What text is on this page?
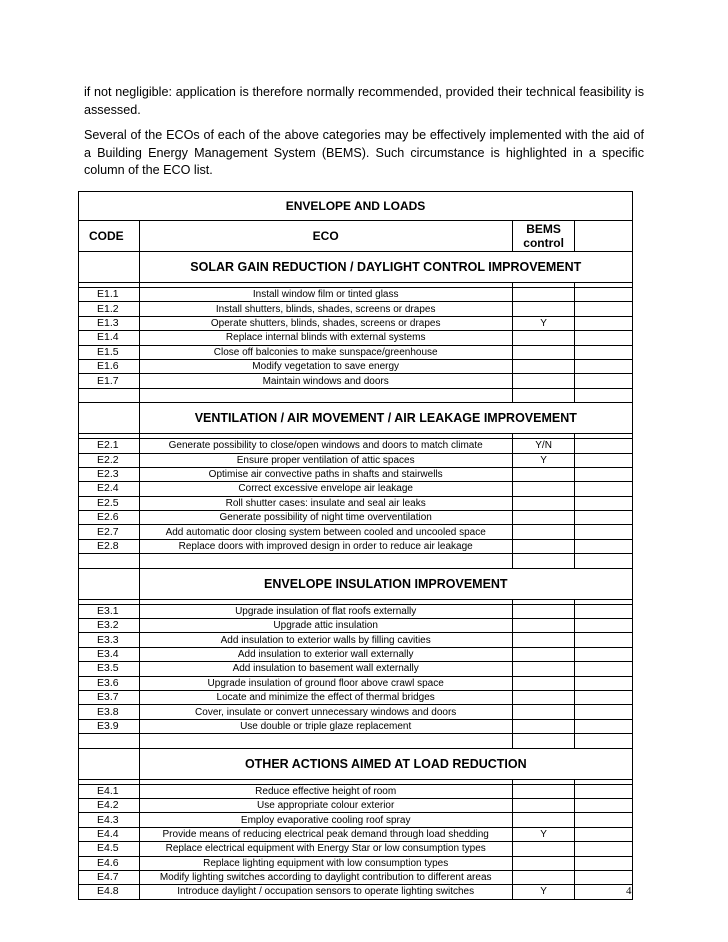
if not negligible: application is therefore normally recommended, provided their technical feasibility is assessed.
Several of the ECOs of each of the above categories may be effectively implemented with the aid of a Building Energy Management System (BEMS). Such circumstance is highlighted in a specific column of the ECO list.
ENVELOPE AND LOADS			
CODE	ECO	BEMS
control	
	SOLAR GAIN REDUCTION / DAYLIGHT CONTROL IMPROVEMENT		

E1.1	Install window film or tinted glass		
E1.2	Install shutters, blinds, shades, screens or drapes		
E1.3	Operate shutters, blinds, shades, screens or drapes	Y	
E1.4	Replace internal blinds with external systems		
E1.5	Close off balconies to make sunspace/greenhouse		
E1.6	Modify vegetation to save energy		
E1.7	Maintain windows and doors		

	VENTILATION / AIR MOVEMENT / AIR LEAKAGE IMPROVEMENT		

E2.1	Generate possibility to close/open windows and doors to match climate	Y/N	
E2.2	Ensure proper ventilation of attic spaces	Y	
E2.3	Optimise air convective paths in shafts and stairwells		
E2.4	Correct excessive envelope air leakage		
E2.5	Roll shutter cases: insulate and seal air leaks		
E2.6	Generate possibility of night time overventilation		
E2.7	Add automatic door closing system between cooled and uncooled space		
E2.8	Replace doors with improved design in order to reduce air leakage		

	ENVELOPE INSULATION IMPROVEMENT		

E3.1	Upgrade insulation of flat roofs externally		
E3.2	Upgrade attic insulation		
E3.3	Add insulation to exterior walls by filling cavities		
E3.4	Add insulation to exterior wall externally		
E3.5	Add insulation to basement wall externally		
E3.6	Upgrade insulation of ground floor above crawl space		
E3.7	Locate and minimize the effect of thermal bridges		
E3.8	Cover, insulate or convert unnecessary windows and doors		
E3.9	Use double or triple glaze replacement		

	OTHER ACTIONS AIMED AT LOAD REDUCTION		

E4.1	Reduce effective height of room		
E4.2	Use appropriate colour exterior		
E4.3	Employ evaporative cooling roof spray		
E4.4	Provide means of reducing electrical peak demand through load shedding	Y	
E4.5	Replace electrical equipment with Energy Star or low consumption types		
E4.6	Replace lighting equipment with low consumption types		
E4.7	Modify lighting switches according to daylight contribution to different areas		
E4.8	Introduce daylight / occupation sensors to operate lighting switches	Y		4
